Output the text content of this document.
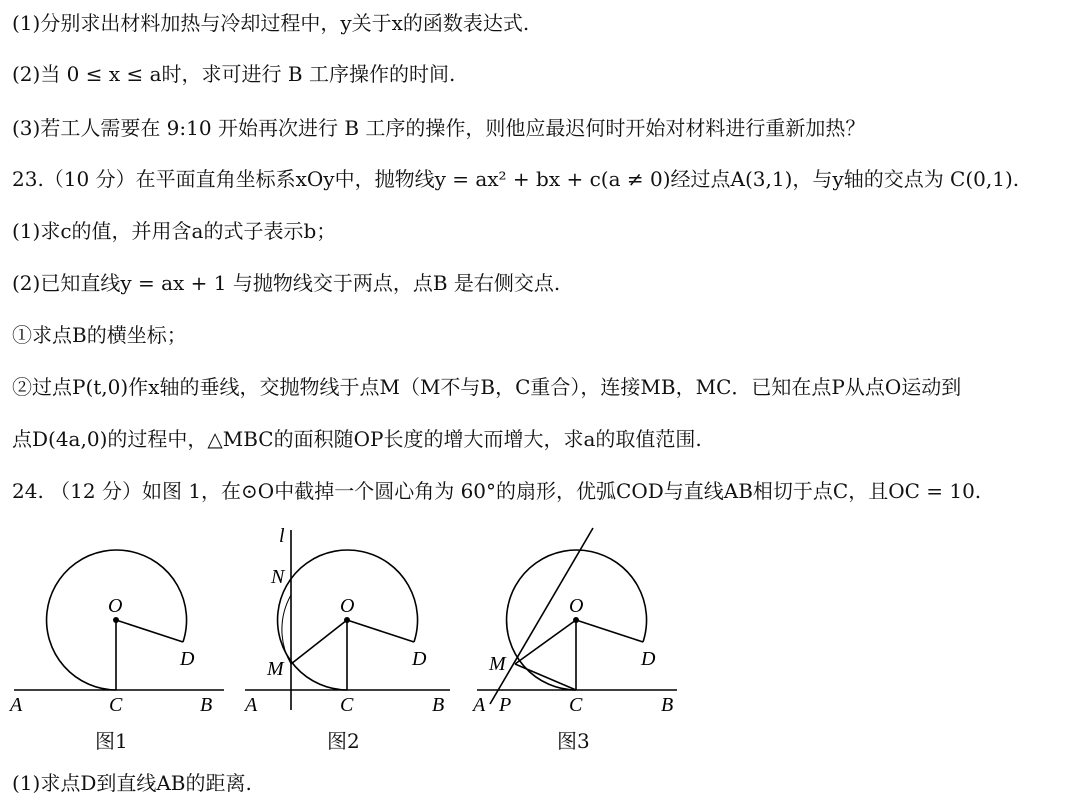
(1)分别求出材料加热与冷却过程中，y关于x的函数表达式.

(2)当 0 ≤ x ≤ a时，求可进行 B 工序操作的时间.

(3)若工人需要在 9:10 开始再次进行 B 工序的操作，则他应最迟何时开始对材料进行重新加热？

23.（10 分）在平面直角坐标系xOy中，抛物线y = ax² + bx + c(a ≠ 0)经过点A(3,1)，与y轴的交点为 C(0,1).

(1)求c的值，并用含a的式子表示b；

(2)已知直线y = ax + 1 与抛物线交于两点，点B 是右侧交点.

①求点B的横坐标；

②过点P(t,0)作x轴的垂线，交抛物线于点M（M不与B，C重合），连接MB，MC．已知在点P从点O运动到

点D(4a,0)的过程中，△MBC的面积随OP长度的增大而增大，求a的取值范围.

24. （12 分）如图 1，在⊙O中截掉一个圆心角为 60°的扇形，优弧COD与直线AB相切于点C，且OC = 10.

(1)求点D到直线AB的距离.

O
D
A	C	B
图1
l
N
O
M	D
A	C	B
图2
O
M	D
A P	C	B
图3
